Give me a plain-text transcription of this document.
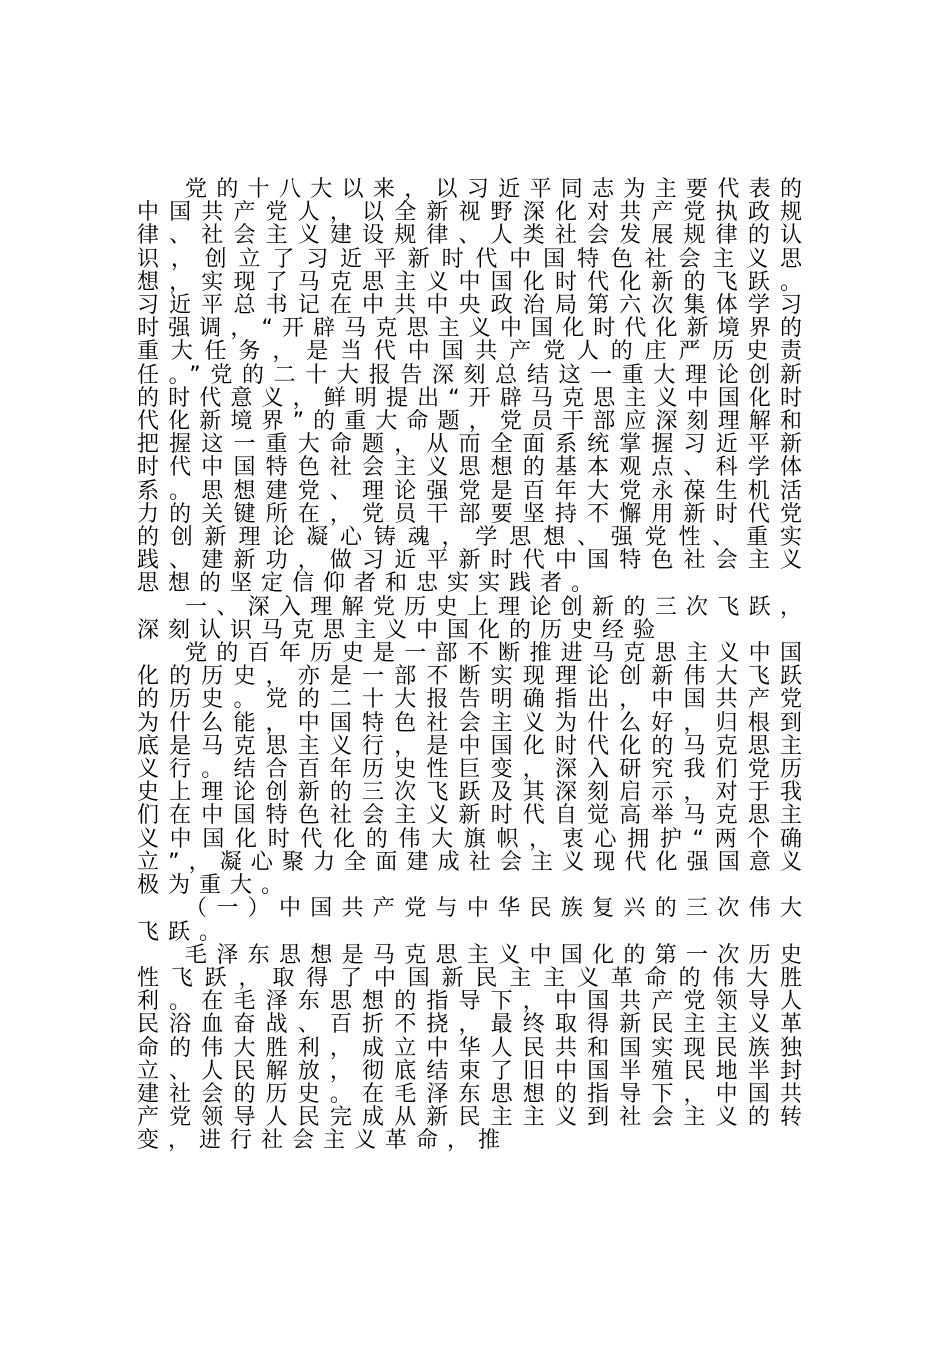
党的十八大以来，以习近平同志为主要代表的中国共产党人，以全新视野深化对共产党执政规律、社会主义建设规律、人类社会发展规律的认识，创立了习近平新时代中国特色社会主义思想，实现了马克思主义中国化时代化新的飞跃。习近平总书记在中共中央政治局第六次集体学习时强调，“开辟马克思主义中国化时代化新境界的重大任务，是当代中国共产党人的庄严历史责任。”党的二十大报告深刻总结这一重大理论创新的时代意义，鲜明提出“开辟马克思主义中国化时代化新境界”的重大命题，党员干部应深刻理解和把握这一重大命题，从而全面系统掌握习近平新时代中国特色社会主义思想的基本观点、科学体系。思想建党、理论强党是百年大党永葆生机活力的关键所在，党员干部要坚持不懈用新时代党的创新理论凝心铸魂，学思想、强党性、重实践、建新功，做习近平新时代中国特色社会主义思想的坚定信仰者和忠实实践者。

一、深入理解党历史上理论创新的三次飞跃，深刻认识马克思主义中国化的历史经验

党的百年历史是一部不断推进马克思主义中国化的历史，亦是一部不断实现理论创新伟大飞跃的历史。党的二十大报告明确指出，中国共产党为什么能，中国特色社会主义为什么好，归根到底是马克思主义行，是中国化时代化的马克思主义行。结合百年历史性巨变，深入研究我们党历史上理论创新的三次飞跃及其深刻启示，对于我们在中国特色社会主义新时代自觉高举马克思主义中国化时代化的伟大旗帜，衷心拥护“两个确立”，凝心聚力全面建成社会主义现代化强国意义极为重大。

（一）中国共产党与中华民族复兴的三次伟大飞跃。

毛泽东思想是马克思主义中国化的第一次历史性飞跃，取得了中国新民主主义革命的伟大胜利。在毛泽东思想的指导下，中国共产党领导人民浴血奋战、百折不挠，最终取得新民主主义革命的伟大胜利，成立中华人民共和国实现民族独立、人民解放，彻底结束了旧中国半殖民地半封建社会的历史。在毛泽东思想的指导下，中国共产党领导人民完成从新民主主义到社会主义的转变，进行社会主义革命，推
